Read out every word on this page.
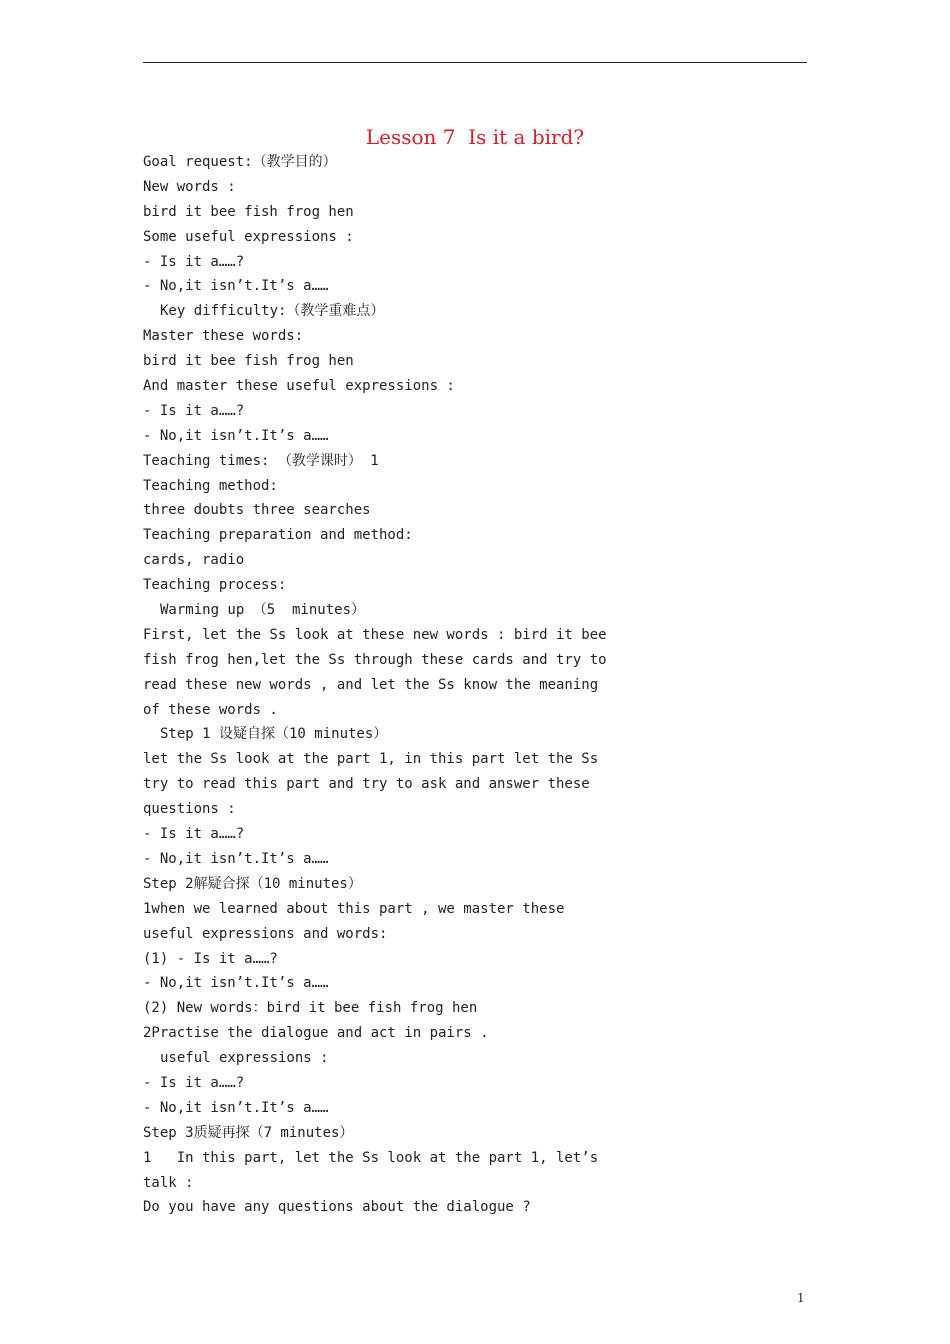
Lesson 7  Is it a bird?
Goal request:（教学目的）
New words :
bird it bee fish frog hen
Some useful expressions :
- Is it a……?
- No,it isn’t.It’s a……
Key difficulty:（教学重难点）
Master these words:
bird it bee fish frog hen
And master these useful expressions :
- Is it a……?
- No,it isn’t.It’s a……
Teaching times: （教学课时） 1
Teaching method:
three doubts three searches
Teaching preparation and method:
cards, radio
Teaching process:
Warming up （5  minutes）
First, let the Ss look at these new words : bird it bee
fish frog hen,let the Ss through these cards and try to
read these new words , and let the Ss know the meaning
of these words .
Step 1 设疑自探（10 minutes）
let the Ss look at the part 1, in this part let the Ss
try to read this part and try to ask and answer these
questions :
- Is it a……?
- No,it isn’t.It’s a……
Step 2解疑合探（10 minutes）
1when we learned about this part , we master these
useful expressions and words:
(1) - Is it a……?
- No,it isn’t.It’s a……
(2) New words：bird it bee fish frog hen
2Practise the dialogue and act in pairs .
useful expressions :
- Is it a……?
- No,it isn’t.It’s a……
Step 3质疑再探（7 minutes）
1   In this part, let the Ss look at the part 1, let’s
talk :
Do you have any questions about the dialogue ?
1
